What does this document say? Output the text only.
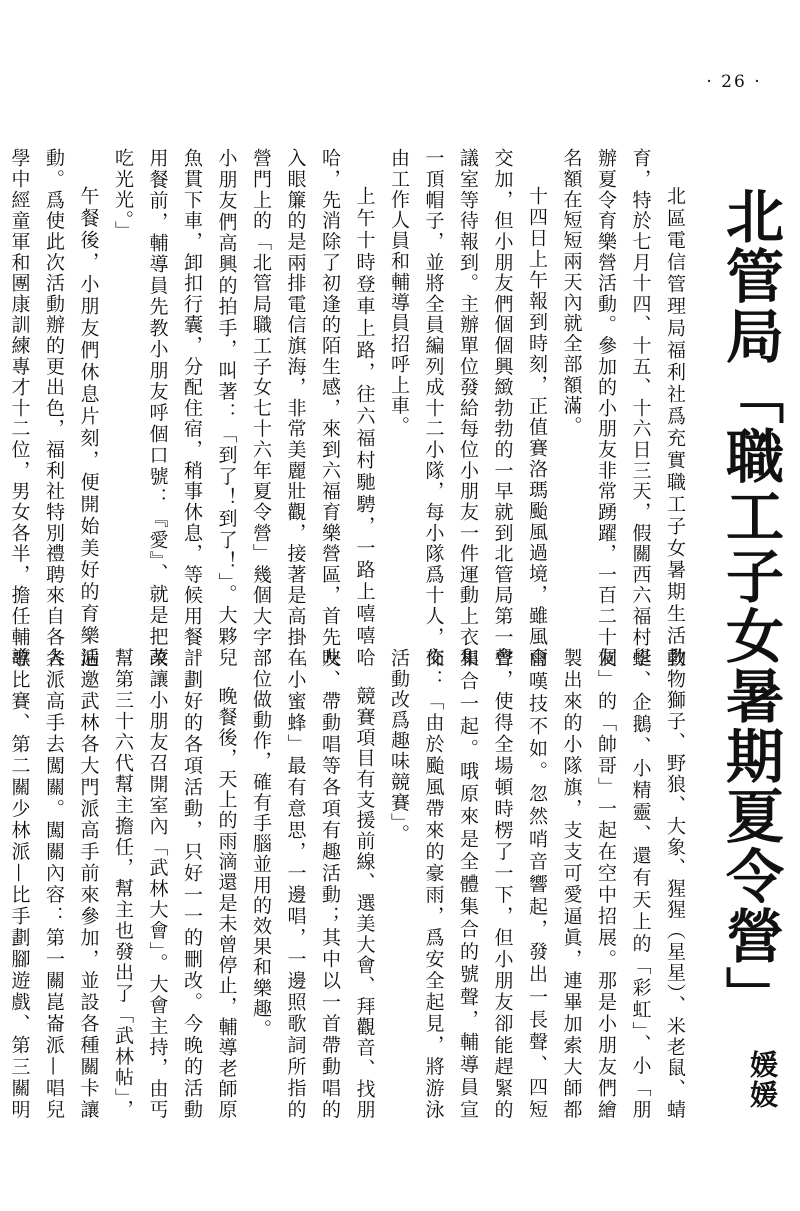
· 26 ·
北管局「職工子女暑期夏令營」
媛媛

北區電信管理局福利社爲充實職工子女暑期生活教育，特於七月十四、十五、十六日三天，假關西六福村學辦夏令育樂營活動。參加的小朋友非常踴躍，一百二十個名額在短短兩天內就全部額滿。

十四日上午報到時刻，正值賽洛瑪颱風過境，雖風雨交加，但小朋友們個個興緻勃勃的一早就到北管局第一會議室等待報到。主辦單位發給每位小朋友一件運動上衣和一頂帽子，並將全員編列成十二小隊，每小隊爲十人，交由工作人員和輔導員招呼上車。

上午十時登車上路，往六福村馳騁，一路上嘻嘻哈哈，先消除了初逢的陌生感，來到六福育樂營區，首先映入眼簾的是兩排電信旗海，非常美麗壯觀，接著是高掛在營門上的「北管局職工子女七十六年夏令營」幾個大字，小朋友們高興的拍手，叫著：「到了！到了！」。大夥兒魚貫下車，卸扣行囊，分配住宿，稍事休息，等候用餐。用餐前，輔導員先教小朋友呼個口號：『愛』、就是把菜吃光光。」

午餐後，小朋友們休息片刻，便開始美好的育樂活動。爲使此次活動辦的更出色，福利社特別禮聘來自各大學中經童軍和團康訓練專才十二位，男女各半，擔任輔導	動物獅子、野狼、大象、猩猩（星星）、米老鼠、蜻蜓、企鵝、小精靈、還有天上的「彩虹」、小「朋友」的「帥哥」一起在空中招展。那是小朋友們繪製出來的小隊旗，支支可愛逼眞，連畢加索大師都會嘆技不如。忽然哨音響起，發出一長聲、四短聲，使得全場頓時楞了一下，但小朋友卻能趕緊的集合一起。哦原來是全體集合的號聲，輔導員宣佈：「由於颱風帶來的豪雨，爲安全起見，將游泳活動改爲趣味競賽」。

競賽項目有支援前線、選美大會、拜觀音、找朋友、帶動唱等各項有趣活動；其中以一首帶動唱的「小蜜蜂」最有意思，一邊唱，一邊照歌詞所指的部位做動作，確有手腦並用的效果和樂趣。

晚餐後，天上的雨滴還是未曾停止，輔導老師原計劃好的各項活動，只好一一的刪改。今晚的活動改讓小朋友召開室內「武林大會」。大會主持，由丐幫第三十六代幫主擔任，幫主也發出了「武林帖」，遍邀武林各大門派高手前來參加，並設各種關卡讓各派高手去闖關。闖關內容：第一關崑崙派—唱兒歌比賽、第二關少林派—比手劃腳遊戲、第三關明
